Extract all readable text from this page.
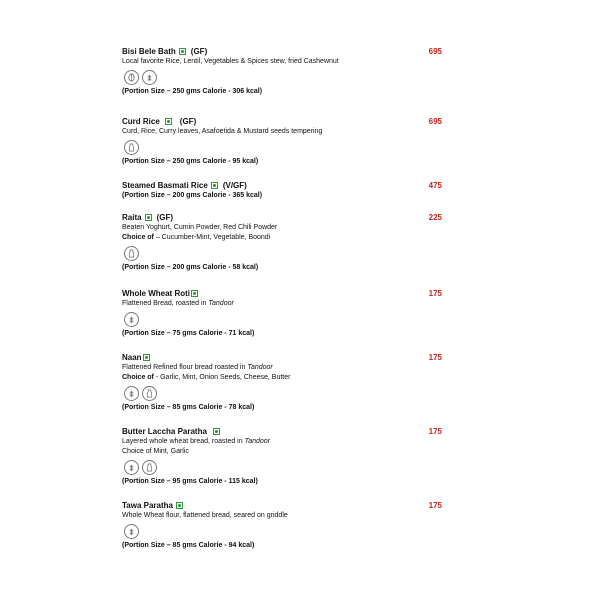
Bisi Bele Bath (GF)	695
Local favorite Rice, Lentil, Vegetables & Spices stew, fried Cashewnut
(Portion Size – 250 gms Calorie - 306 kcal)
Curd Rice	(GF)	695
Curd, Rice, Curry leaves, Asafoetida & Mustard seeds tempering
(Portion Size – 250 gms Calorie - 95 kcal)
Steamed Basmati Rice (V/GF)	475
(Portion Size – 200 gms Calorie - 365 kcal)
Raita (GF)	225
Beaten Yoghurt, Cumin Powder, Red Chili Powder
Choice of – Cucumber-Mint, Vegetable, Boondi
(Portion Size – 200 gms Calorie - 58 kcal)
Whole Wheat Roti	175
Flattened Bread, roasted in Tandoor
(Portion Size – 75 gms Calorie - 71 kcal)
Naan	175
Flattened Refined flour bread roasted in Tandoor
Choice of - Garlic, Mint, Onion Seeds, Cheese, Butter
(Portion Size – 85 gms Calorie - 78 kcal)
Butter Laccha Paratha	175
Layered whole wheat bread, roasted in Tandoor
Choice of Mint, Garlic
(Portion Size – 95 gms Calorie - 115 kcal)
Tawa Paratha	175
Whole Wheat flour, flattened bread, seared on griddle
(Portion Size – 85 gms Calorie - 94 kcal)
